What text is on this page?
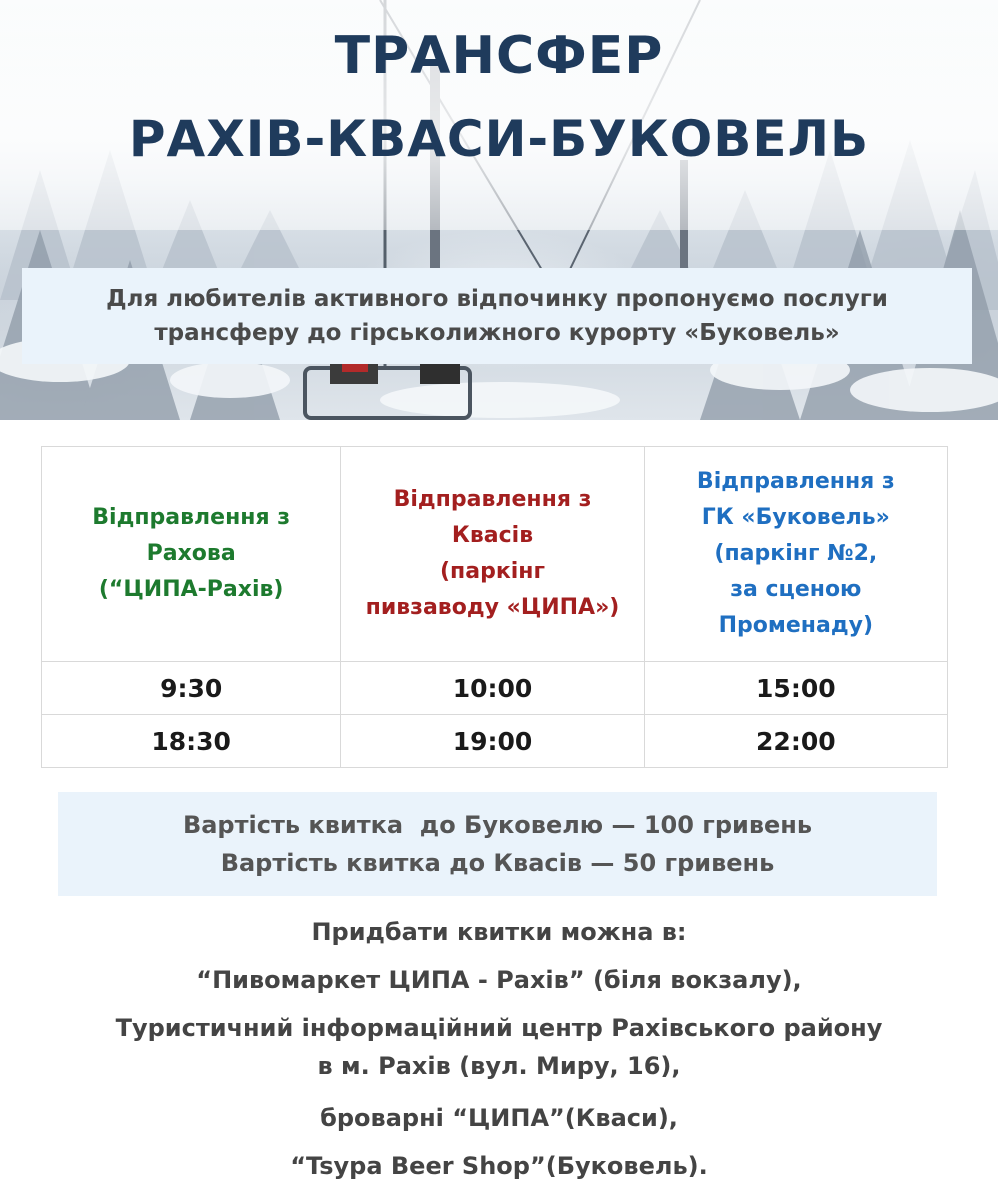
ТРАНСФЕР
РАХІВ-КВАСИ-БУКОВЕЛЬ
Для любителів активного відпочинку пропонуємо послуги
трансферу до гірськолижного курорту «Буковель»
Відправлення з
Рахова
(“ЦИПА-Рахів)	Відправлення з
Квасів
(паркінг
пивзаводу «ЦИПА»)	Відправлення з
ГК «Буковель»
(паркінг №2,
за сценою
Променаду)

9:30	10:00	15:00
18:30	19:00	22:00
Вартість квитка  до Буковелю — 100 гривень
Вартість квитка до Квасів — 50 гривень

Придбати квитки можна в:

“Пивомаркет ЦИПА - Рахів” (біля вокзалу),

Туристичний інформаційний центр Рахівського району
в м. Рахів (вул. Миру, 16),

броварні “ЦИПА”(Кваси),

“Tsypa Beer Shop”(Буковель).
